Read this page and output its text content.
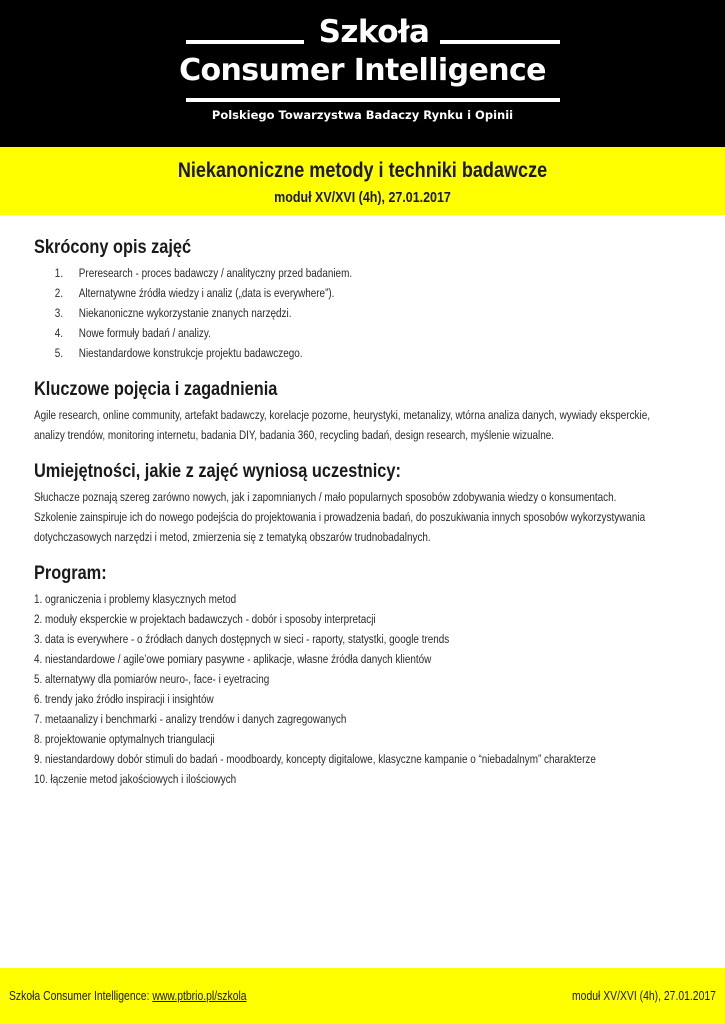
Szkoła
Consumer Intelligence
Polskiego Towarzystwa Badaczy Rynku i Opinii
Niekanoniczne metody i techniki badawcze
moduł XV/XVI (4h), 27.01.2017
Skrócony opis zajęć
1. Preresearch - proces badawczy / analityczny przed badaniem.
2. Alternatywne źródła wiedzy i analiz („data is everywhere”).
3. Niekanoniczne wykorzystanie znanych narzędzi.
4. Nowe formuły badań / analizy.
5. Niestandardowe konstrukcje projektu badawczego.
Kluczowe pojęcia i zagadnienia
Agile research, online community, artefakt badawczy, korelacje pozorne, heurystyki, metanalizy, wtórna analiza danych, wywiady eksperckie,
analizy trendów, monitoring internetu, badania DIY, badania 360, recycling badań, design research, myślenie wizualne.
Umiejętności, jakie z zajęć wyniosą uczestnicy:
Słuchacze poznają szereg zarówno nowych, jak i zapomnianych / mało popularnych sposobów zdobywania wiedzy o konsumentach.
Szkolenie zainspiruje ich do nowego podejścia do projektowania i prowadzenia badań, do poszukiwania innych sposobów wykorzystywania
dotychczasowych narzędzi i metod, zmierzenia się z tematyką obszarów trudnobadalnych.
Program:
1. ograniczenia i problemy klasycznych metod
2. moduły eksperckie w projektach badawczych - dobór i sposoby interpretacji
3. data is everywhere - o źródłach danych dostępnych w sieci - raporty, statystki, google trends
4. niestandardowe / agile’owe pomiary pasywne - aplikacje, własne źródła danych klientów
5. alternatywy dla pomiarów neuro-, face- i eyetracing
6. trendy jako źródło inspiracji i insightów
7. metaanalizy i benchmarki - analizy trendów i danych zagregowanych
8. projektowanie optymalnych triangulacji
9. niestandardowy dobór stimuli do badań - moodboardy, koncepty digitalowe, klasyczne kampanie o “niebadalnym” charakterze
10. łączenie metod jakościowych i ilościowych
Szkoła Consumer Intelligence: www.ptbrio.pl/szkola	moduł XV/XVI (4h), 27.01.2017
